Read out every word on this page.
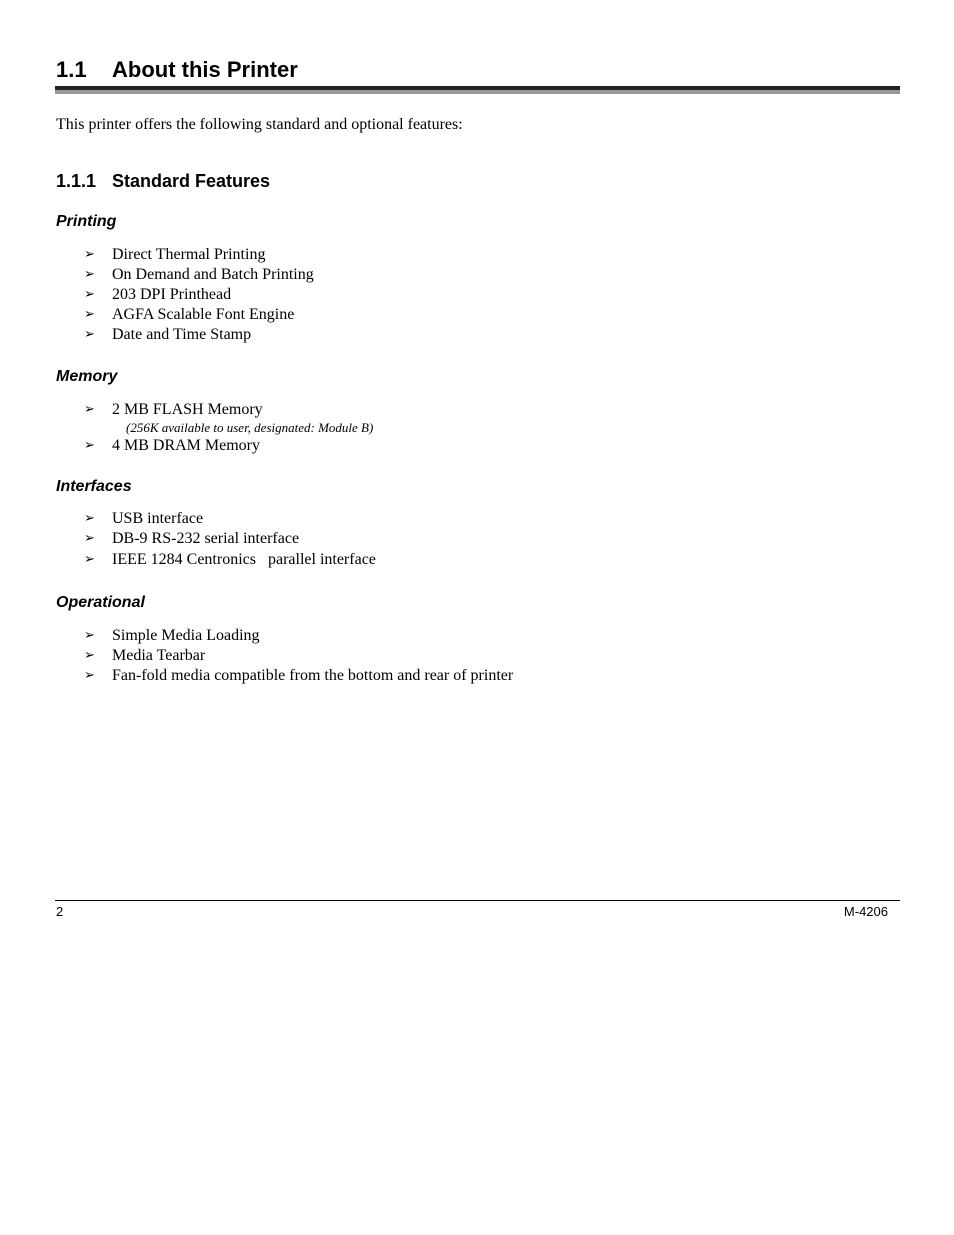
1.1 About this Printer
This printer offers the following standard and optional features:
1.1.1 Standard Features
Printing
➢ Direct Thermal Printing
➢ On Demand and Batch Printing
➢ 203 DPI Printhead
➢ AGFA Scalable Font Engine
➢ Date and Time Stamp
Memory
➢ 2 MB FLASH Memory
(256K available to user, designated: Module B)
➢ 4 MB DRAM Memory
Interfaces
➢ USB interface
➢ DB-9 RS-232 serial interface
➢ IEEE 1284 Centronics   parallel interface
Operational
➢ Simple Media Loading
➢ Media Tearbar
➢ Fan-fold media compatible from the bottom and rear of printer
2	M-4206
